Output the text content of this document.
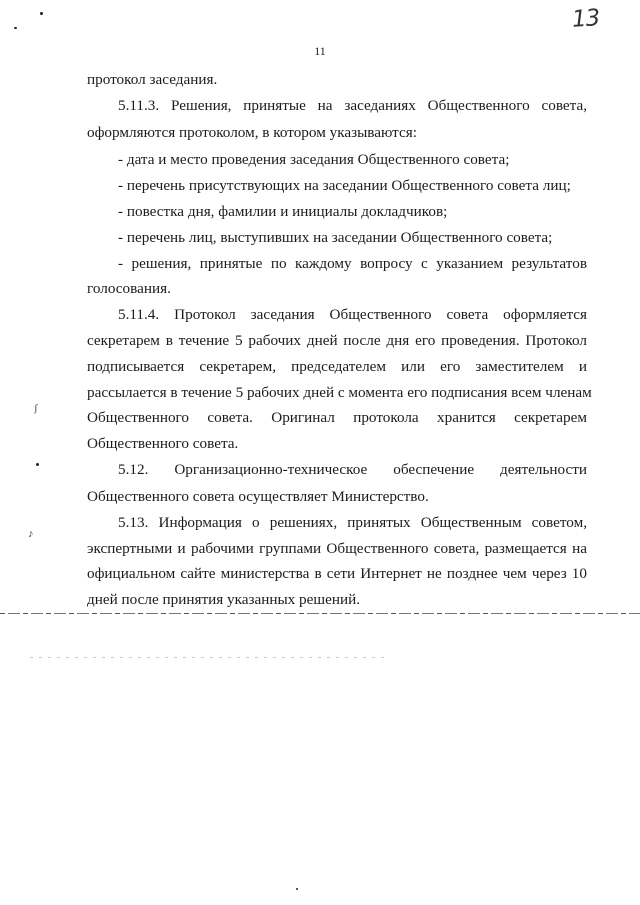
13
11
протокол заседания.
5.11.3. Решения, принятые на заседаниях Общественного совета,
оформляются протоколом, в котором указываются:
- дата и место проведения заседания Общественного совета;
- перечень присутствующих на заседании Общественного совета лиц;
- повестка дня, фамилии и инициалы докладчиков;
- перечень лиц, выступивших на заседании Общественного совета;
- решения, принятые по каждому вопросу с указанием результатов
голосования.
5.11.4. Протокол заседания Общественного совета оформляется
секретарем в течение 5 рабочих дней после дня его проведения. Протокол
подписывается секретарем, председателем или его заместителем и
рассылается в течение 5 рабочих дней с момента его подписания всем членам
Общественного совета. Оригинал протокола хранится секретарем
Общественного совета.
5.12. Организационно-техническое обеспечение деятельности
Общественного совета осуществляет Министерство.
5.13. Информация о решениях, принятых Общественным советом,
экспертными и рабочими группами Общественного совета, размещается на
официальном сайте министерства в сети Интернет не позднее чем через 10
дней после принятия указанных решений.
ʃ
♪
